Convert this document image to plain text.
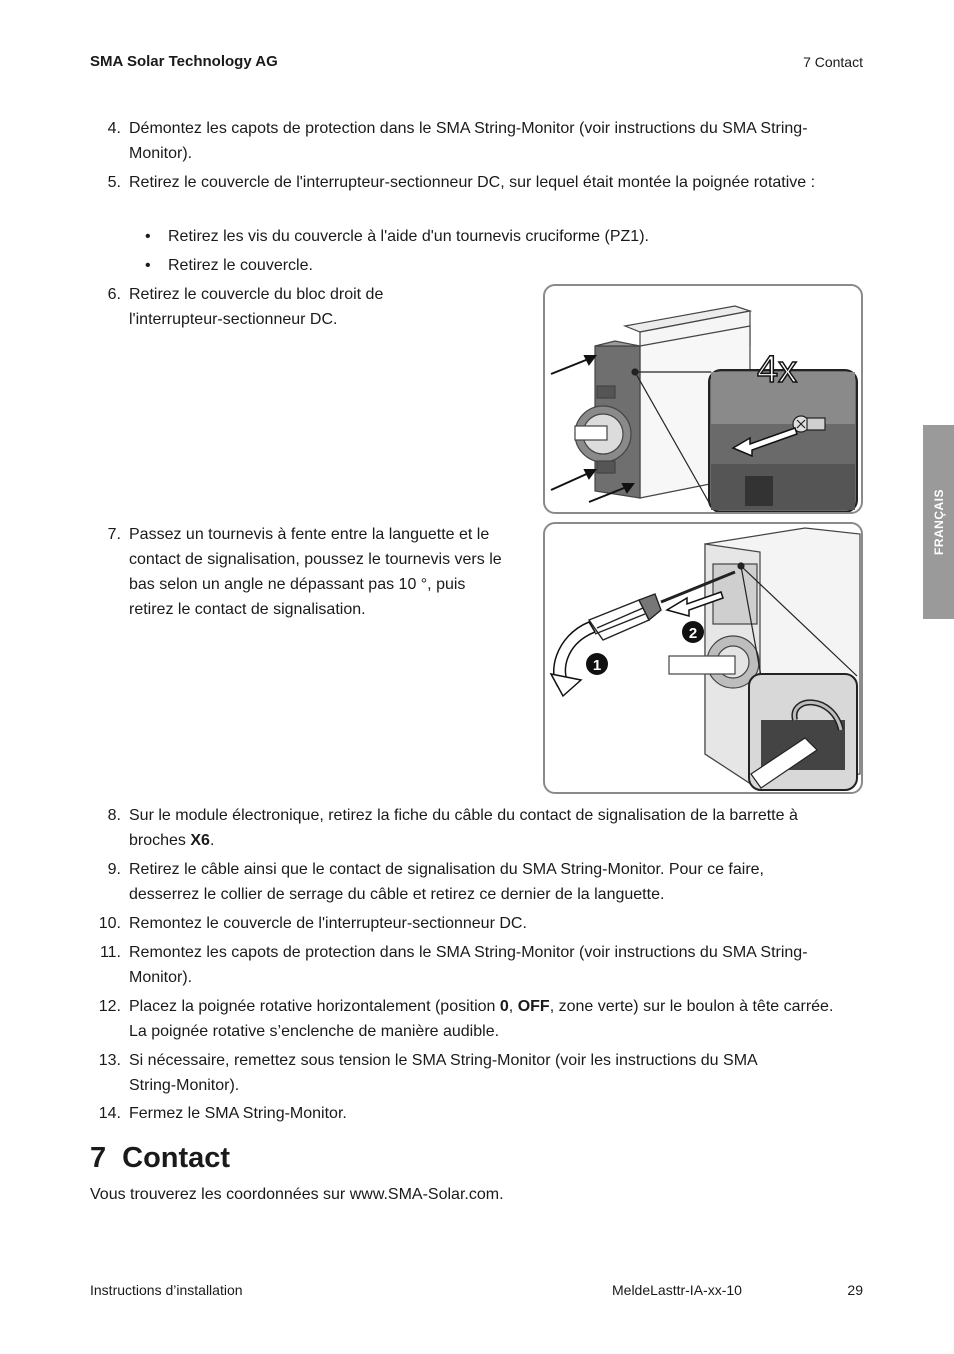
SMA Solar Technology AG	7 Contact
FRANÇAIS
4. Démontez les capots de protection dans le SMA String-Monitor (voir instructions du SMA String-Monitor).
5. Retirez le couvercle de l'interrupteur-sectionneur DC, sur lequel était montée la poignée rotative :
• Retirez les vis du couvercle à l'aide d'un tournevis cruciforme (PZ1).
• Retirez le couvercle.
6. Retirez le couvercle du bloc droit de l'interrupteur-sectionneur DC.
4x
7. Passez un tournevis à fente entre la languette et le contact de signalisation, poussez le tournevis vers le bas selon un angle ne dépassant pas 10 °, puis retirez le contact de signalisation.
2
1
8. Sur le module électronique, retirez la fiche du câble du contact de signalisation de la barrette à broches X6.
9. Retirez le câble ainsi que le contact de signalisation du SMA String-Monitor. Pour ce faire, desserrez le collier de serrage du câble et retirez ce dernier de la languette.
10. Remontez le couvercle de l'interrupteur-sectionneur DC.
11. Remontez les capots de protection dans le SMA String-Monitor (voir instructions du SMA String-Monitor).
12. Placez la poignée rotative horizontalement (position 0, OFF, zone verte) sur le boulon à tête carrée. La poignée rotative s’enclenche de manière audible.
13. Si nécessaire, remettez sous tension le SMA String-Monitor (voir les instructions du SMA String-Monitor).
14. Fermez le SMA String-Monitor.
7 Contact
Vous trouverez les coordonnées sur www.SMA-Solar.com.
Instructions d’installation	MeldeLasttr-IA-xx-10	29
